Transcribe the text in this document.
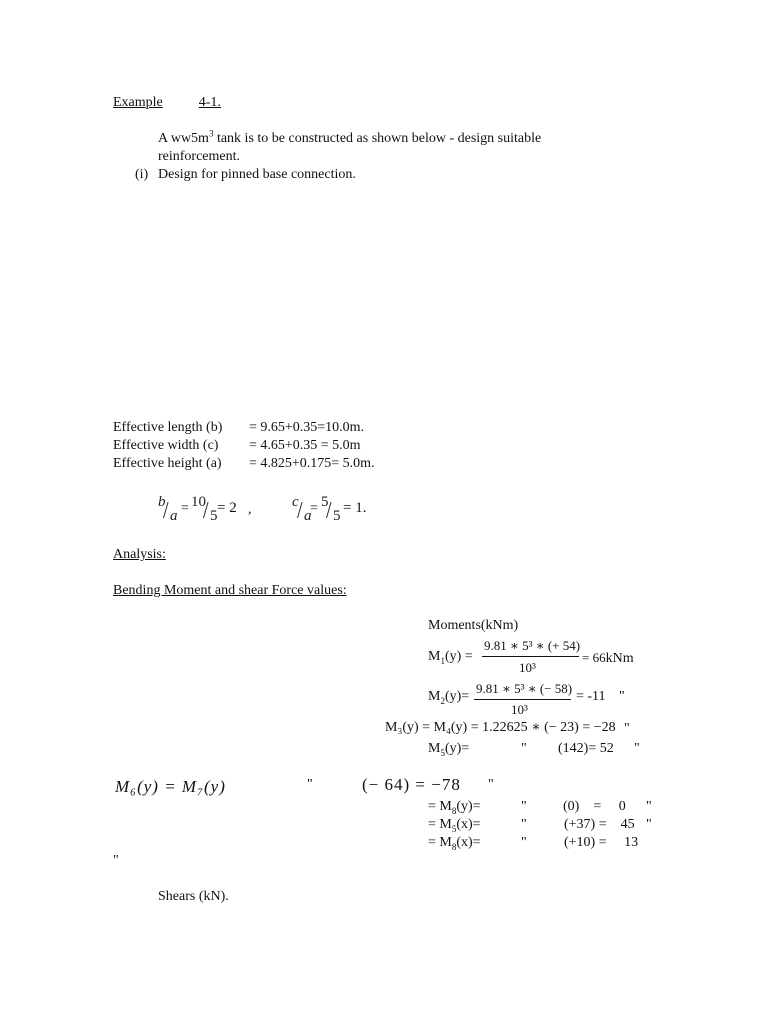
Example	4-1.
A $ww5m^3$ tank is to be constructed as shown below - design suitable
reinforcement.
(i) Design for pinned base connection.
Effective length (b) = 9.65+0.35=10.0m.
Effective width (c) = 4.65+0.35 = 5.0m
Effective height (a) = 4.825+0.175= 5.0m.
b
/ a = 10
/ 5 = 2 ,	c
/ a
= 5
/ 5 = 1.
Analysis:
Bending Moment and shear Force values:
Moments(kNm)
$M_1(y)$ =
9.81 ∗ 5³ ∗ (+ 54)
10³
= 66kNm
$M_2(y)=$
9.81 ∗ 5³ ∗ (− 58)
10³
= -11 "
M₃(y) = M₄(y) = 1.22625 ∗ (− 23) = −28 "
$M_5(y)=$	" (142)= 52 "
M₆(y) = M₇(y)	"	(− 64) = −78 "
= $M_8(y)=$	"	(0)    =     0 "
= $M_5(x)=$	"	(+37) =    45 "
= $M_8(x)=$	"	(+10) =     13
"
Shears (kN).
